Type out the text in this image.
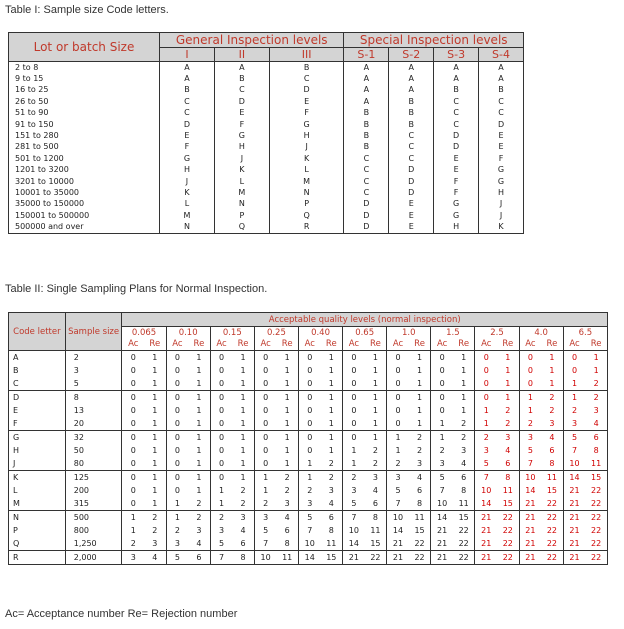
Table I: Sample size Code letters.
Lot or batch Size	General Inspection levels			Special Inspection levels			
	I	II	III	S-1	S-2	S-3	S-4
2 to 8	A	A	B	A	A	A	A
9 to 15	A	B	C	A	A	A	A
16 to 25	B	C	D	A	A	B	B
26 to 50	C	D	E	A	B	C	C
51 to 90	C	E	F	B	B	C	C
91 to 150	D	F	G	B	B	C	D
151 to 280	E	G	H	B	C	D	E
281 to 500	F	H	J	B	C	D	E
501 to 1200	G	J	K	C	C	E	F
1201 to 3200	H	K	L	C	D	E	G
3201 to 10000	J	L	M	C	D	F	G
10001 to 35000	K	M	N	C	D	F	H
35000 to 150000	L	N	P	D	E	G	J
150001 to 500000	M	P	Q	D	E	G	J
500000 and over	N	Q	R	D	E	H	K
Table II: Single Sampling Plans for Normal Inspection.
Code letter	Sample size	Acceptable quality levels (normal inspection)																					
		0.065		0.10		0.15		0.25		0.40		0.65		1.0		1.5		2.5		4.0		6.5	
		Ac	Re	Ac	Re	Ac	Re	Ac	Re	Ac	Re	Ac	Re	Ac	Re	Ac	Re	Ac	Re	Ac	Re	Ac	Re
A	2	0	1	0	1	0	1	0	1	0	1	0	1	0	1	0	1	0	1	0	1	0	1
B	3	0	1	0	1	0	1	0	1	0	1	0	1	0	1	0	1	0	1	0	1	0	1
C	5	0	1	0	1	0	1	0	1	0	1	0	1	0	1	0	1	0	1	0	1	1	2
D	8	0	1	0	1	0	1	0	1	0	1	0	1	0	1	0	1	0	1	1	2	1	2
E	13	0	1	0	1	0	1	0	1	0	1	0	1	0	1	0	1	1	2	1	2	2	3
F	20	0	1	0	1	0	1	0	1	0	1	0	1	0	1	1	2	1	2	2	3	3	4
G	32	0	1	0	1	0	1	0	1	0	1	0	1	1	2	1	2	2	3	3	4	5	6
H	50	0	1	0	1	0	1	0	1	0	1	1	2	1	2	2	3	3	4	5	6	7	8
J	80	0	1	0	1	0	1	0	1	1	2	1	2	2	3	3	4	5	6	7	8	10	11
K	125	0	1	0	1	0	1	1	2	1	2	2	3	3	4	5	6	7	8	10	11	14	15
L	200	0	1	0	1	1	2	1	2	2	3	3	4	5	6	7	8	10	11	14	15	21	22
M	315	0	1	1	2	1	2	2	3	3	4	5	6	7	8	10	11	14	15	21	22	21	22
N	500	1	2	1	2	2	3	3	4	5	6	7	8	10	11	14	15	21	22	21	22	21	22
P	800	1	2	2	3	3	4	5	6	7	8	10	11	14	15	21	22	21	22	21	22	21	22
Q	1,250	2	3	3	4	5	6	7	8	10	11	14	15	21	22	21	22	21	22	21	22	21	22
R	2,000	3	4	5	6	7	8	10	11	14	15	21	22	21	22	21	22	21	22	21	22	21	22
Ac= Acceptance number Re= Rejection number
